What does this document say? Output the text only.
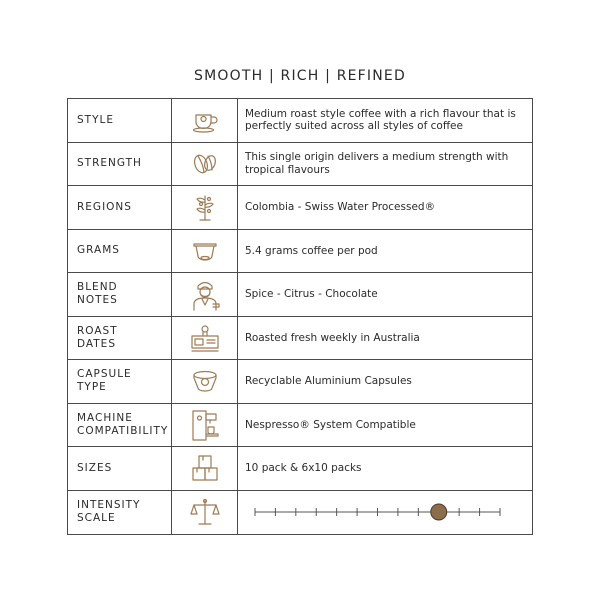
SMOOTH | RICH | REFINED
STYLE		Medium roast style coffee with a rich flavour that is perfectly suited across all styles of coffee

STRENGTH		This single origin delivers a medium strength with tropical flavours

REGIONS		Colombia - Swiss Water Processed®

GRAMS		5.4 grams coffee per pod

BLEND
NOTES		Spice - Citrus - Chocolate

ROAST
DATES		Roasted fresh weekly in Australia

CAPSULE
TYPE		Recyclable Aluminium Capsules

MACHINE
COMPATIBILITY		Nespresso® System Compatible

SIZES		10 pack & 6x10 packs

INTENSITY
SCALE
